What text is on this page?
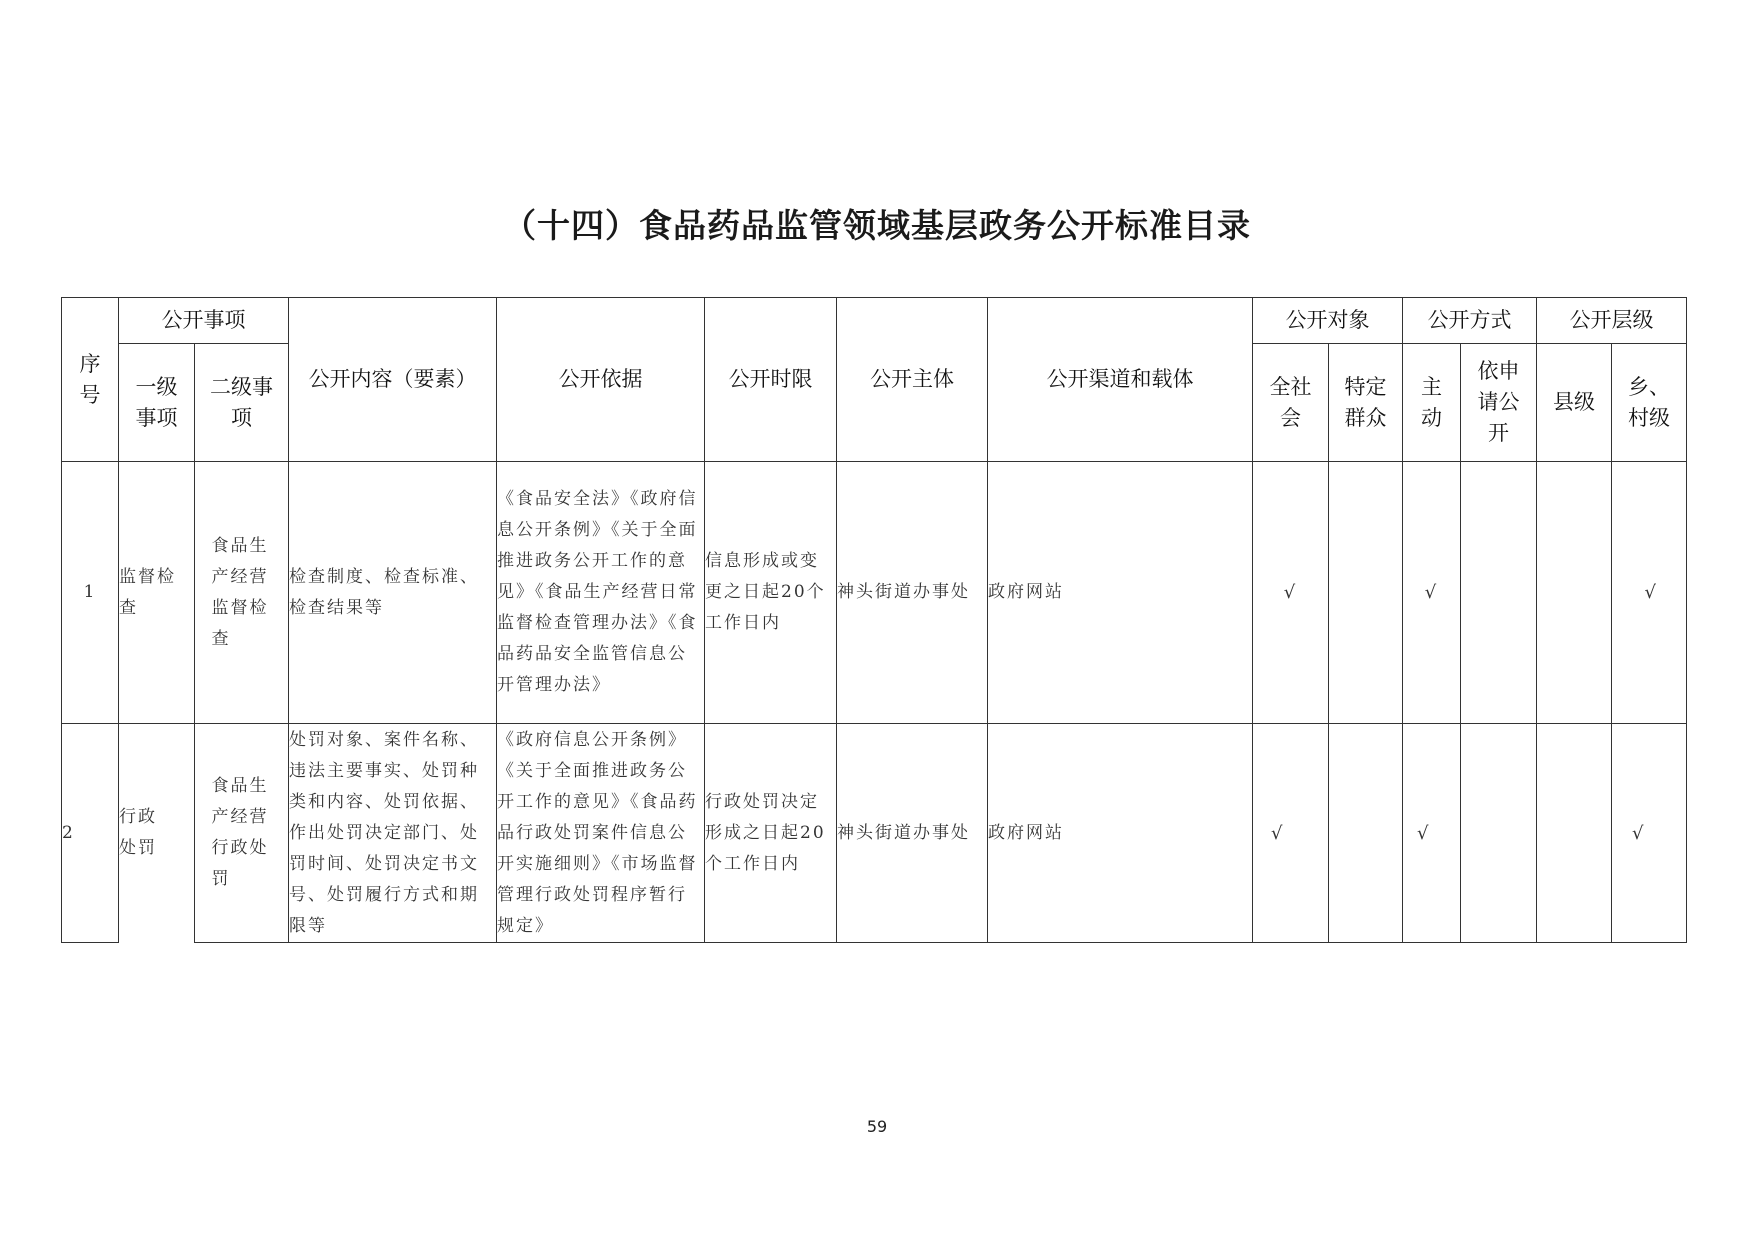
（十四）食品药品监管领域基层政务公开标准目录
序号	公开事项		公开内容（要素）	公开依据	公开时限	公开主体	公开渠道和载体	公开对象		公开方式		公开层级	
	一级事项	二级事项						全社会	特定群众	主动	依申请公开	县级	乡、村级
1	监督检查	食品生产经营监督检查	检查制度、检查标准、检查结果等	《食品安全法》《政府信息公开条例》《关于全面推进政务公开工作的意见》《食品生产经营日常监督检查管理办法》《食品药品安全监管信息公开管理办法》	信息形成或变更之日起20个工作日内	神头街道办事处	政府网站	√		√			√
2	行政处罚	食品生产经营行政处罚	处罚对象、案件名称、违法主要事实、处罚种类和内容、处罚依据、作出处罚决定部门、处罚时间、处罚决定书文号、处罚履行方式和期限等	《政府信息公开条例》《关于全面推进政务公开工作的意见》《食品药品行政处罚案件信息公开实施细则》《市场监督管理行政处罚程序暂行规定》	行政处罚决定形成之日起20个工作日内	神头街道办事处	政府网站	√		√			√
59
